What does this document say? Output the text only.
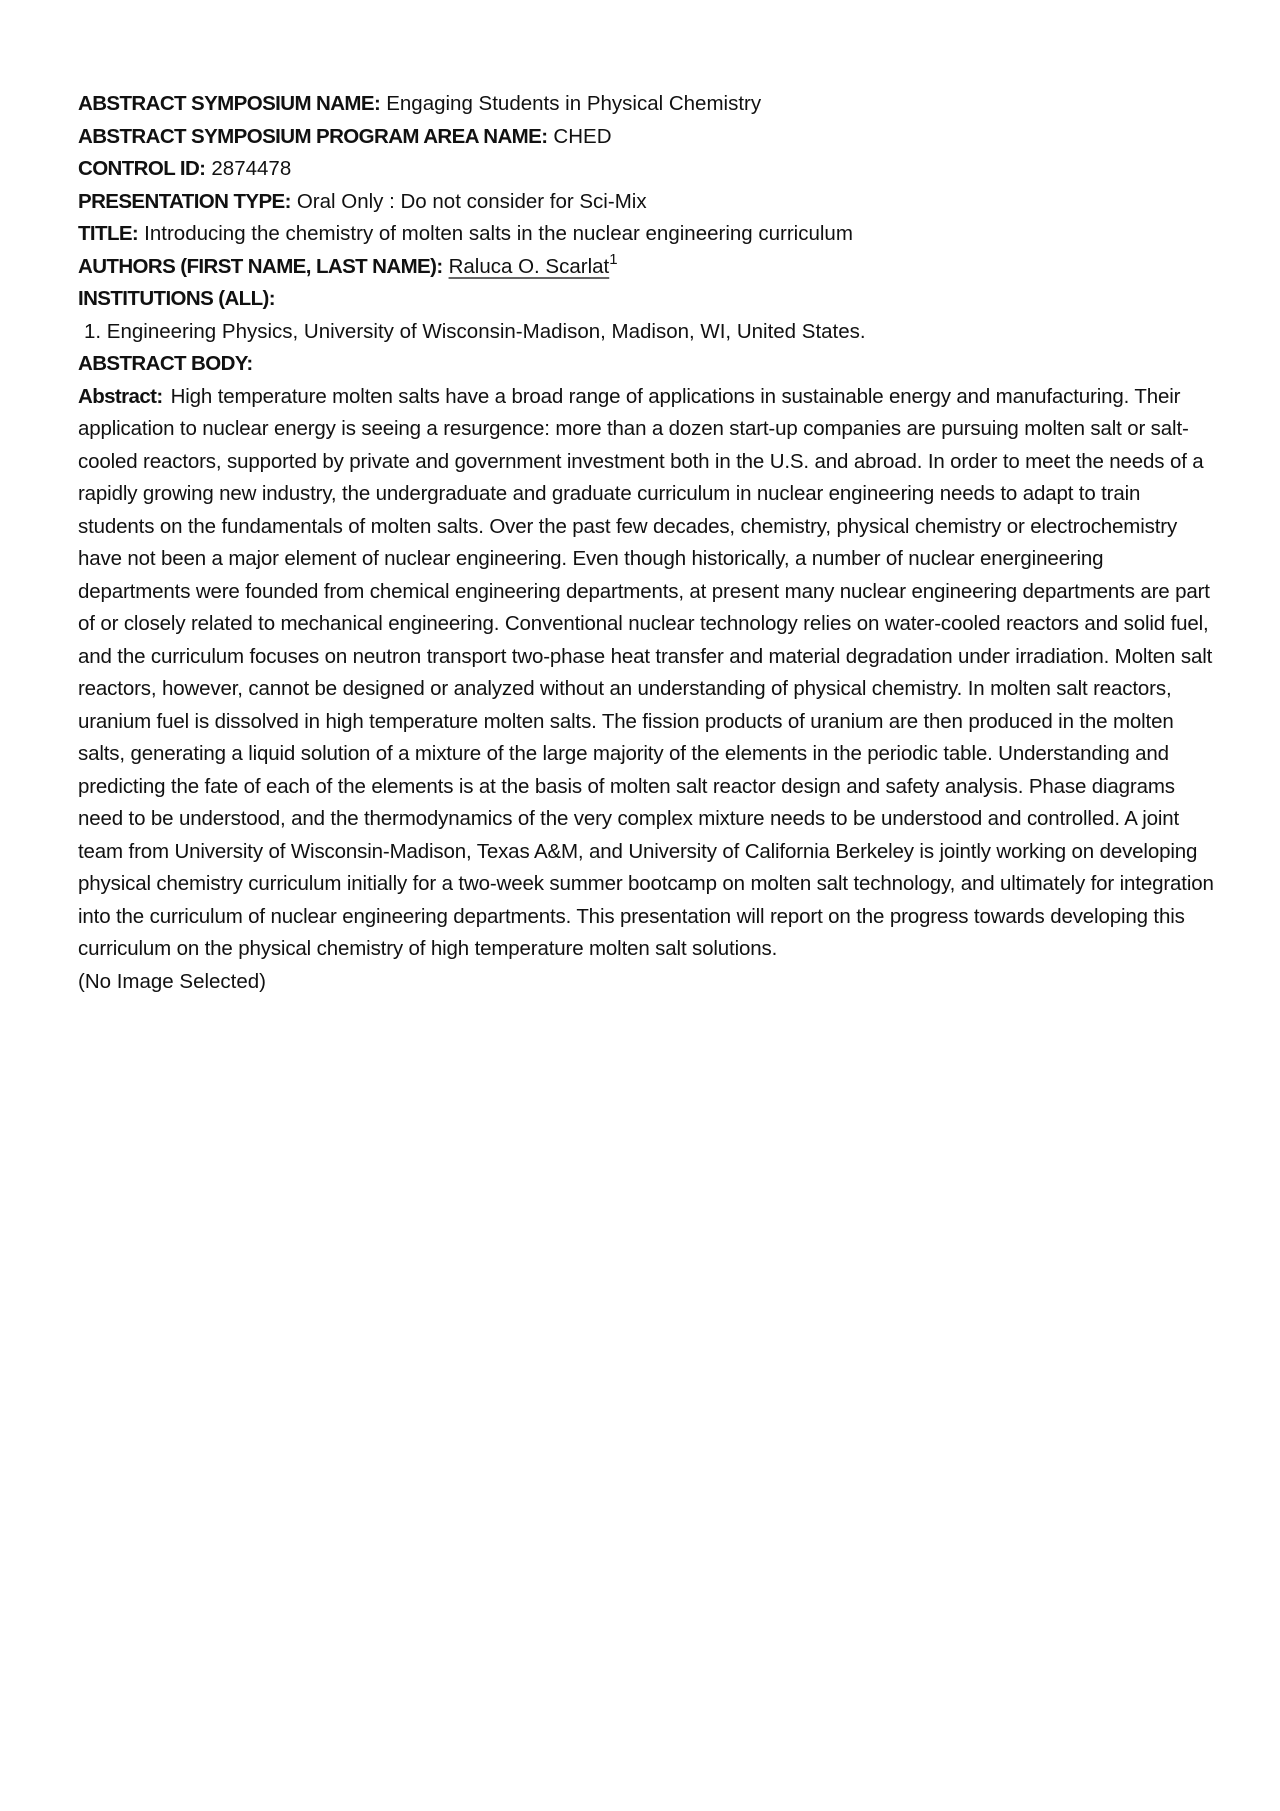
ABSTRACT SYMPOSIUM NAME: Engaging Students in Physical Chemistry

ABSTRACT SYMPOSIUM PROGRAM AREA NAME: CHED

CONTROL ID: 2874478

PRESENTATION TYPE: Oral Only : Do not consider for Sci-Mix

TITLE: Introducing the chemistry of molten salts in the nuclear engineering curriculum

AUTHORS (FIRST NAME, LAST NAME): Raluca O. Scarlat$^1$

INSTITUTIONS (ALL):

1. Engineering Physics, University of Wisconsin-Madison, Madison, WI, United States.

ABSTRACT BODY:

Abstract: High temperature molten salts have a broad range of applications in sustainable energy and manufacturing. Their application to nuclear energy is seeing a resurgence: more than a dozen start-up companies are pursuing molten salt or salt-cooled reactors, supported by private and government investment both in the U.S. and abroad. In order to meet the needs of a rapidly growing new industry, the undergraduate and graduate curriculum in nuclear engineering needs to adapt to train students on the fundamentals of molten salts. Over the past few decades, chemistry, physical chemistry or electrochemistry have not been a major element of nuclear engineering. Even though historically, a number of nuclear energineering departments were founded from chemical engineering departments, at present many nuclear engineering departments are part of or closely related to mechanical engineering. Conventional nuclear technology relies on water-cooled reactors and solid fuel, and the curriculum focuses on neutron transport two-phase heat transfer and material degradation under irradiation. Molten salt reactors, however, cannot be designed or analyzed without an understanding of physical chemistry. In molten salt reactors, uranium fuel is dissolved in high temperature molten salts. The fission products of uranium are then produced in the molten salts, generating a liquid solution of a mixture of the large majority of the elements in the periodic table. Understanding and predicting the fate of each of the elements is at the basis of molten salt reactor design and safety analysis. Phase diagrams need to be understood, and the thermodynamics of the very complex mixture needs to be understood and controlled. A joint team from University of Wisconsin-Madison, Texas A&M, and University of California Berkeley is jointly working on developing physical chemistry curriculum initially for a two-week summer bootcamp on molten salt technology, and ultimately for integration into the curriculum of nuclear engineering departments. This presentation will report on the progress towards developing this curriculum on the physical chemistry of high temperature molten salt solutions.

(No Image Selected)
